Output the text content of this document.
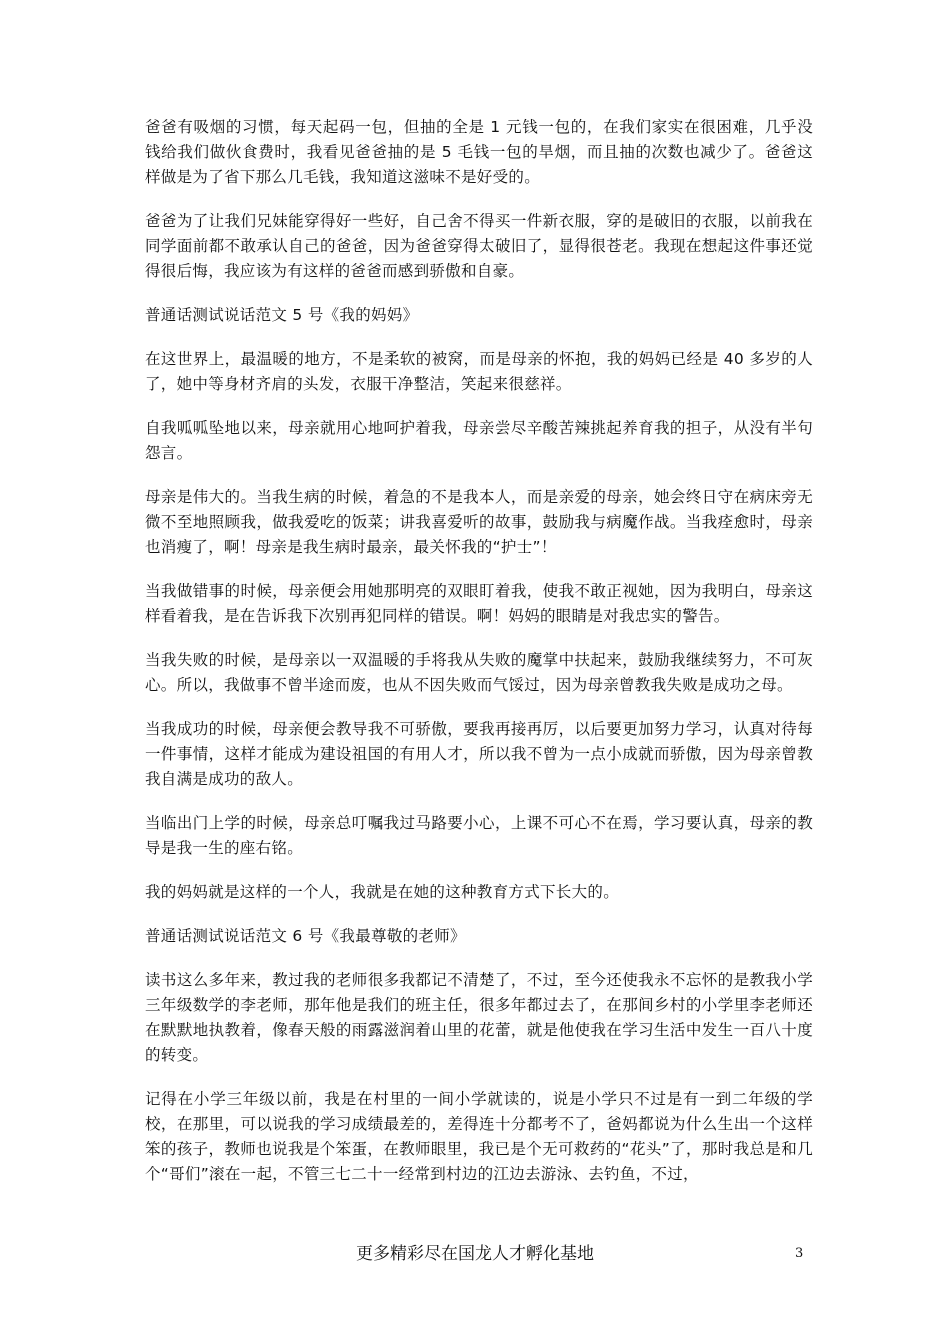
爸爸有吸烟的习惯，每天起码一包，但抽的全是 1 元钱一包的，在我们家实在很困难，几乎没钱给我们做伙食费时，我看见爸爸抽的是 5 毛钱一包的旱烟，而且抽的次数也减少了。爸爸这样做是为了省下那么几毛钱，我知道这滋味不是好受的。

爸爸为了让我们兄妹能穿得好一些好，自己舍不得买一件新衣服，穿的是破旧的衣服，以前我在同学面前都不敢承认自己的爸爸，因为爸爸穿得太破旧了，显得很苍老。我现在想起这件事还觉得很后悔，我应该为有这样的爸爸而感到骄傲和自豪。

普通话测试说话范文 5 号《我的妈妈》

在这世界上，最温暖的地方，不是柔软的被窝，而是母亲的怀抱，我的妈妈已经是 40 多岁的人了，她中等身材齐肩的头发，衣服干净整洁，笑起来很慈祥。

自我呱呱坠地以来，母亲就用心地呵护着我，母亲尝尽辛酸苦辣挑起养育我的担子，从没有半句怨言。

母亲是伟大的。当我生病的时候，着急的不是我本人，而是亲爱的母亲，她会终日守在病床旁无微不至地照顾我，做我爱吃的饭菜；讲我喜爱听的故事，鼓励我与病魔作战。当我痊愈时，母亲也消瘦了，啊！母亲是我生病时最亲，最关怀我的“护士”！

当我做错事的时候，母亲便会用她那明亮的双眼盯着我，使我不敢正视她，因为我明白，母亲这样看着我，是在告诉我下次别再犯同样的错误。啊！妈妈的眼睛是对我忠实的警告。

当我失败的时候，是母亲以一双温暖的手将我从失败的魔掌中扶起来，鼓励我继续努力，不可灰心。所以，我做事不曾半途而废，也从不因失败而气馁过，因为母亲曾教我失败是成功之母。

当我成功的时候，母亲便会教导我不可骄傲，要我再接再厉，以后要更加努力学习，认真对待每一件事情，这样才能成为建设祖国的有用人才，所以我不曾为一点小成就而骄傲，因为母亲曾教我自满是成功的敌人。

当临出门上学的时候，母亲总叮嘱我过马路要小心，上课不可心不在焉，学习要认真，母亲的教导是我一生的座右铭。

我的妈妈就是这样的一个人，我就是在她的这种教育方式下长大的。

普通话测试说话范文 6 号《我最尊敬的老师》

读书这么多年来，教过我的老师很多我都记不清楚了，不过，至今还使我永不忘怀的是教我小学三年级数学的李老师，那年他是我们的班主任，很多年都过去了，在那间乡村的小学里李老师还在默默地执教着，像春天般的雨露滋润着山里的花蕾，就是他使我在学习生活中发生一百八十度的转变。

记得在小学三年级以前，我是在村里的一间小学就读的，说是小学只不过是有一到二年级的学校，在那里，可以说我的学习成绩最差的，差得连十分都考不了，爸妈都说为什么生出一个这样笨的孩子，教师也说我是个笨蛋，在教师眼里，我已是个无可救药的“花头”了，那时我总是和几个“哥们”滚在一起，不管三七二十一经常到村边的江边去游泳、去钓鱼，不过，

更多精彩尽在国龙人才孵化基地	3
